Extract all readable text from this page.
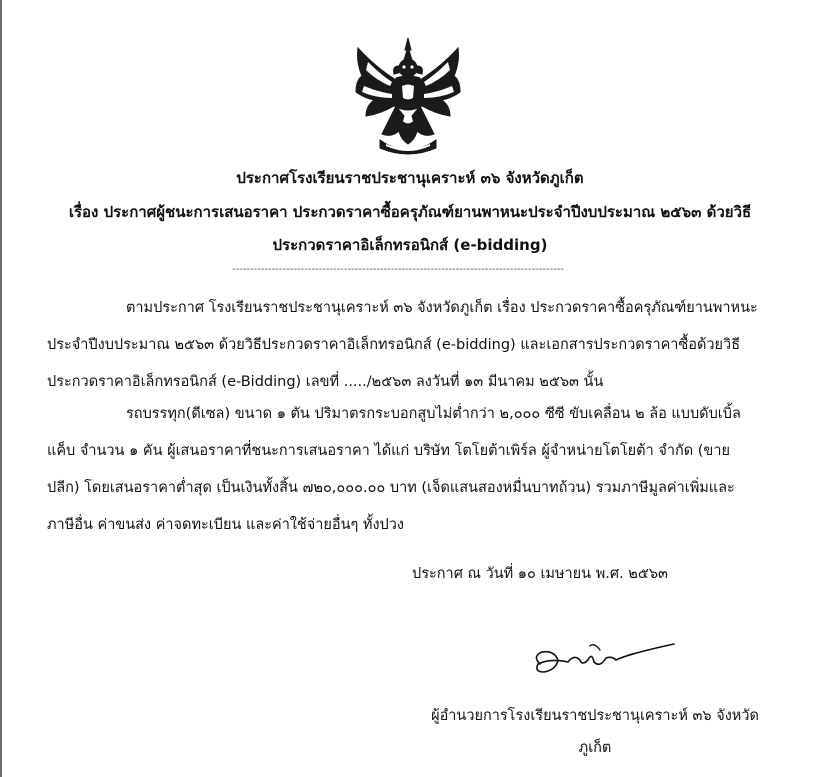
ประกาศโรงเรียนราชประชานุเคราะห์ ๓๖ จังหวัดภูเก็ต
เรื่อง ประกาศผู้ชนะการเสนอราคา ประกวดราคาซื้อครุภัณฑ์ยานพาหนะประจำปีงบประมาณ ๒๕๖๓ ด้วยวิธี
ประกวดราคาอิเล็กทรอนิกส์ (e-bidding)
--------------------------------------------------------------------------------------------
ตามประกาศ โรงเรียนราชประชานุเคราะห์ ๓๖ จังหวัดภูเก็ต เรื่อง ประกวดราคาซื้อครุภัณฑ์ยานพาหนะ
ประจำปีงบประมาณ ๒๕๖๓ ด้วยวิธีประกวดราคาอิเล็กทรอนิกส์ (e-bidding) และเอกสารประกวดราคาซื้อด้วยวิธี
ประกวดราคาอิเล็กทรอนิกส์ (e-Bidding) เลขที่ ...../๒๕๖๓ ลงวันที่ ๑๓ มีนาคม ๒๕๖๓ นั้น
รถบรรทุก(ดีเซล) ขนาด ๑ ตัน ปริมาตรกระบอกสูบไม่ต่ำกว่า ๒,๐๐๐ ซีซี ขับเคลื่อน ๒ ล้อ แบบดับเบิ้ล
แค็บ จำนวน ๑ คัน ผู้เสนอราคาที่ชนะการเสนอราคา ได้แก่ บริษัท โตโยต้าเพิร์ล ผู้จำหน่ายโตโยต้า จำกัด (ขาย
ปลีก) โดยเสนอราคาต่ำสุด เป็นเงินทั้งสิ้น ๗๒๐,๐๐๐.๐๐ บาท (เจ็ดแสนสองหมื่นบาทถ้วน) รวมภาษีมูลค่าเพิ่มและ
ภาษีอื่น ค่าขนส่ง ค่าจดทะเบียน และค่าใช้จ่ายอื่นๆ ทั้งปวง
ประกาศ ณ วันที่ ๑๐ เมษายน พ.ศ. ๒๕๖๓
ผู้อำนวยการโรงเรียนราชประชานุเคราะห์ ๓๖ จังหวัด
ภูเก็ต
